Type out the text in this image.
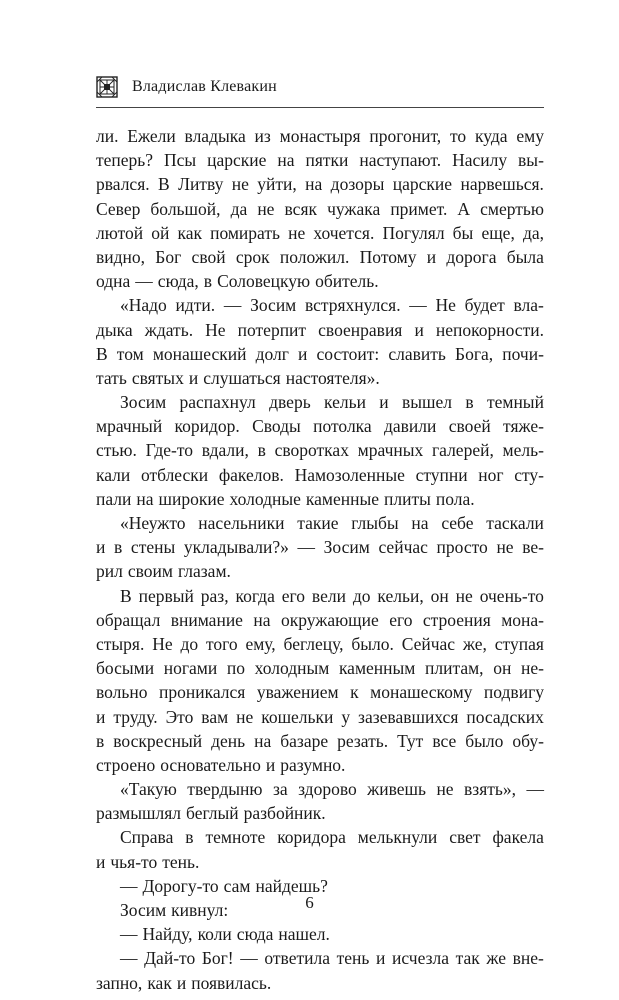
Владислав Клевакин
ли. Ежели владыка из монастыря прогонит, то куда ему
теперь? Псы царские на пятки наступают. Насилу вы-
рвался. В Литву не уйти, на дозоры царские нарвешься.
Север большой, да не всяк чужака примет. А смертью
лютой ой как помирать не хочется. Погулял бы еще, да,
видно, Бог свой срок положил. Потому и дорога была
одна — сюда, в Соловецкую обитель.
«Надо идти. — Зосим встряхнулся. — Не будет вла-
дыка ждать. Не потерпит своенравия и непокорности.
В том монашеский долг и состоит: славить Бога, почи-
тать святых и слушаться настоятеля».
Зосим распахнул дверь кельи и вышел в темный
мрачный коридор. Своды потолка давили своей тяже-
стью. Где-то вдали, в своротках мрачных галерей, мель-
кали отблески факелов. Намозоленные ступни ног сту-
пали на широкие холодные каменные плиты пола.
«Неужто насельники такие глыбы на себе таскали
и в стены укладывали?» — Зосим сейчас просто не ве-
рил своим глазам.
В первый раз, когда его вели до кельи, он не очень-то
обращал внимание на окружающие его строения мона-
стыря. Не до того ему, беглецу, было. Сейчас же, ступая
босыми ногами по холодным каменным плитам, он не-
вольно проникался уважением к монашескому подвигу
и труду. Это вам не кошельки у зазевавшихся посадских
в воскресный день на базаре резать. Тут все было обу-
строено основательно и разумно.
«Такую твердыню за здорово живешь не взять», —
размышлял беглый разбойник.
Справа в темноте коридора мелькнули свет факела
и чья-то тень.
— Дорогу-то сам найдешь?
Зосим кивнул:
— Найду, коли сюда нашел.
— Дай-то Бог! — ответила тень и исчезла так же вне-
запно, как и появилась.
6
